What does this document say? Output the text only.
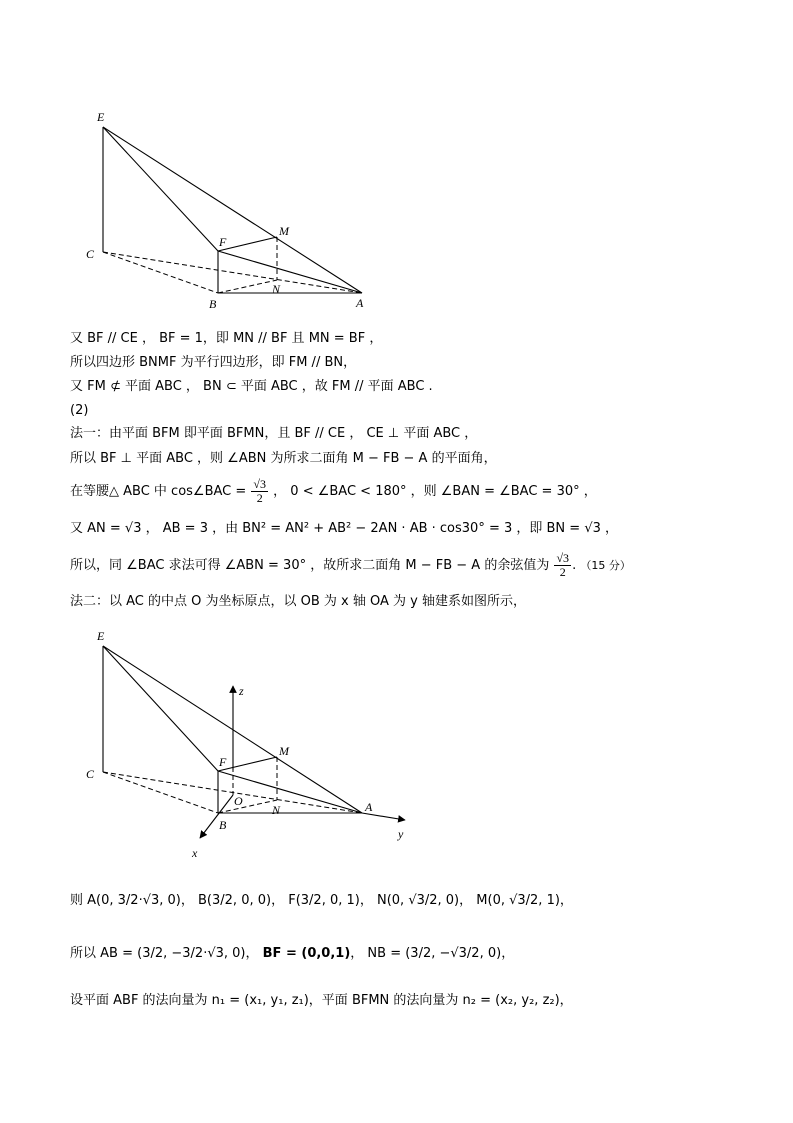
E
C
F
M
B
N
A
又 BF // CE ， BF = 1，即 MN // BF 且 MN = BF ，
所以四边形 BNMF 为平行四边形，即 FM // BN，
又 FM ⊄ 平面 ABC ， BN ⊂ 平面 ABC ，故 FM // 平面 ABC .
(2)
法一：由平面 BFM 即平面 BFMN，且 BF // CE ， CE ⊥ 平面 ABC ，
所以 BF ⊥ 平面 ABC ，则 ∠ABN 为所求二面角 M − FB − A 的平面角，
在等腰△ ABC 中 cos∠BAC = $\frac{√3}{2}$ ， 0 < ∠BAC < 180° ，则 ∠BAN = ∠BAC = 30° ，
又 AN = √3 ， AB = 3 ，由 BN² = AN² + AB² − 2AN · AB · cos30° = 3 ，即 BN = √3 ，
所以，同 ∠BAC 求法可得 ∠ABN = 30° ，故所求二面角 M − FB − A 的余弦值为 $\frac{√3}{2}$ . （15 分）
法二：以 AC 的中点 O 为坐标原点，以 OB 为 x 轴 OA 为 y 轴建系如图所示，
E
C
F
M
O
B
N	A
z
y
x
则 A(0, 3/2·√3, 0)， B(3/2, 0, 0)， F(3/2, 0, 1)， N(0, √3/2, 0)， M(0, √3/2, 1)，
所以 AB = (3/2, −3/2·√3, 0)， BF = (0,0,1)， NB = (3/2, −√3/2, 0)，
设平面 ABF 的法向量为 n₁ = (x₁, y₁, z₁)，平面 BFMN 的法向量为 n₂ = (x₂, y₂, z₂)，
